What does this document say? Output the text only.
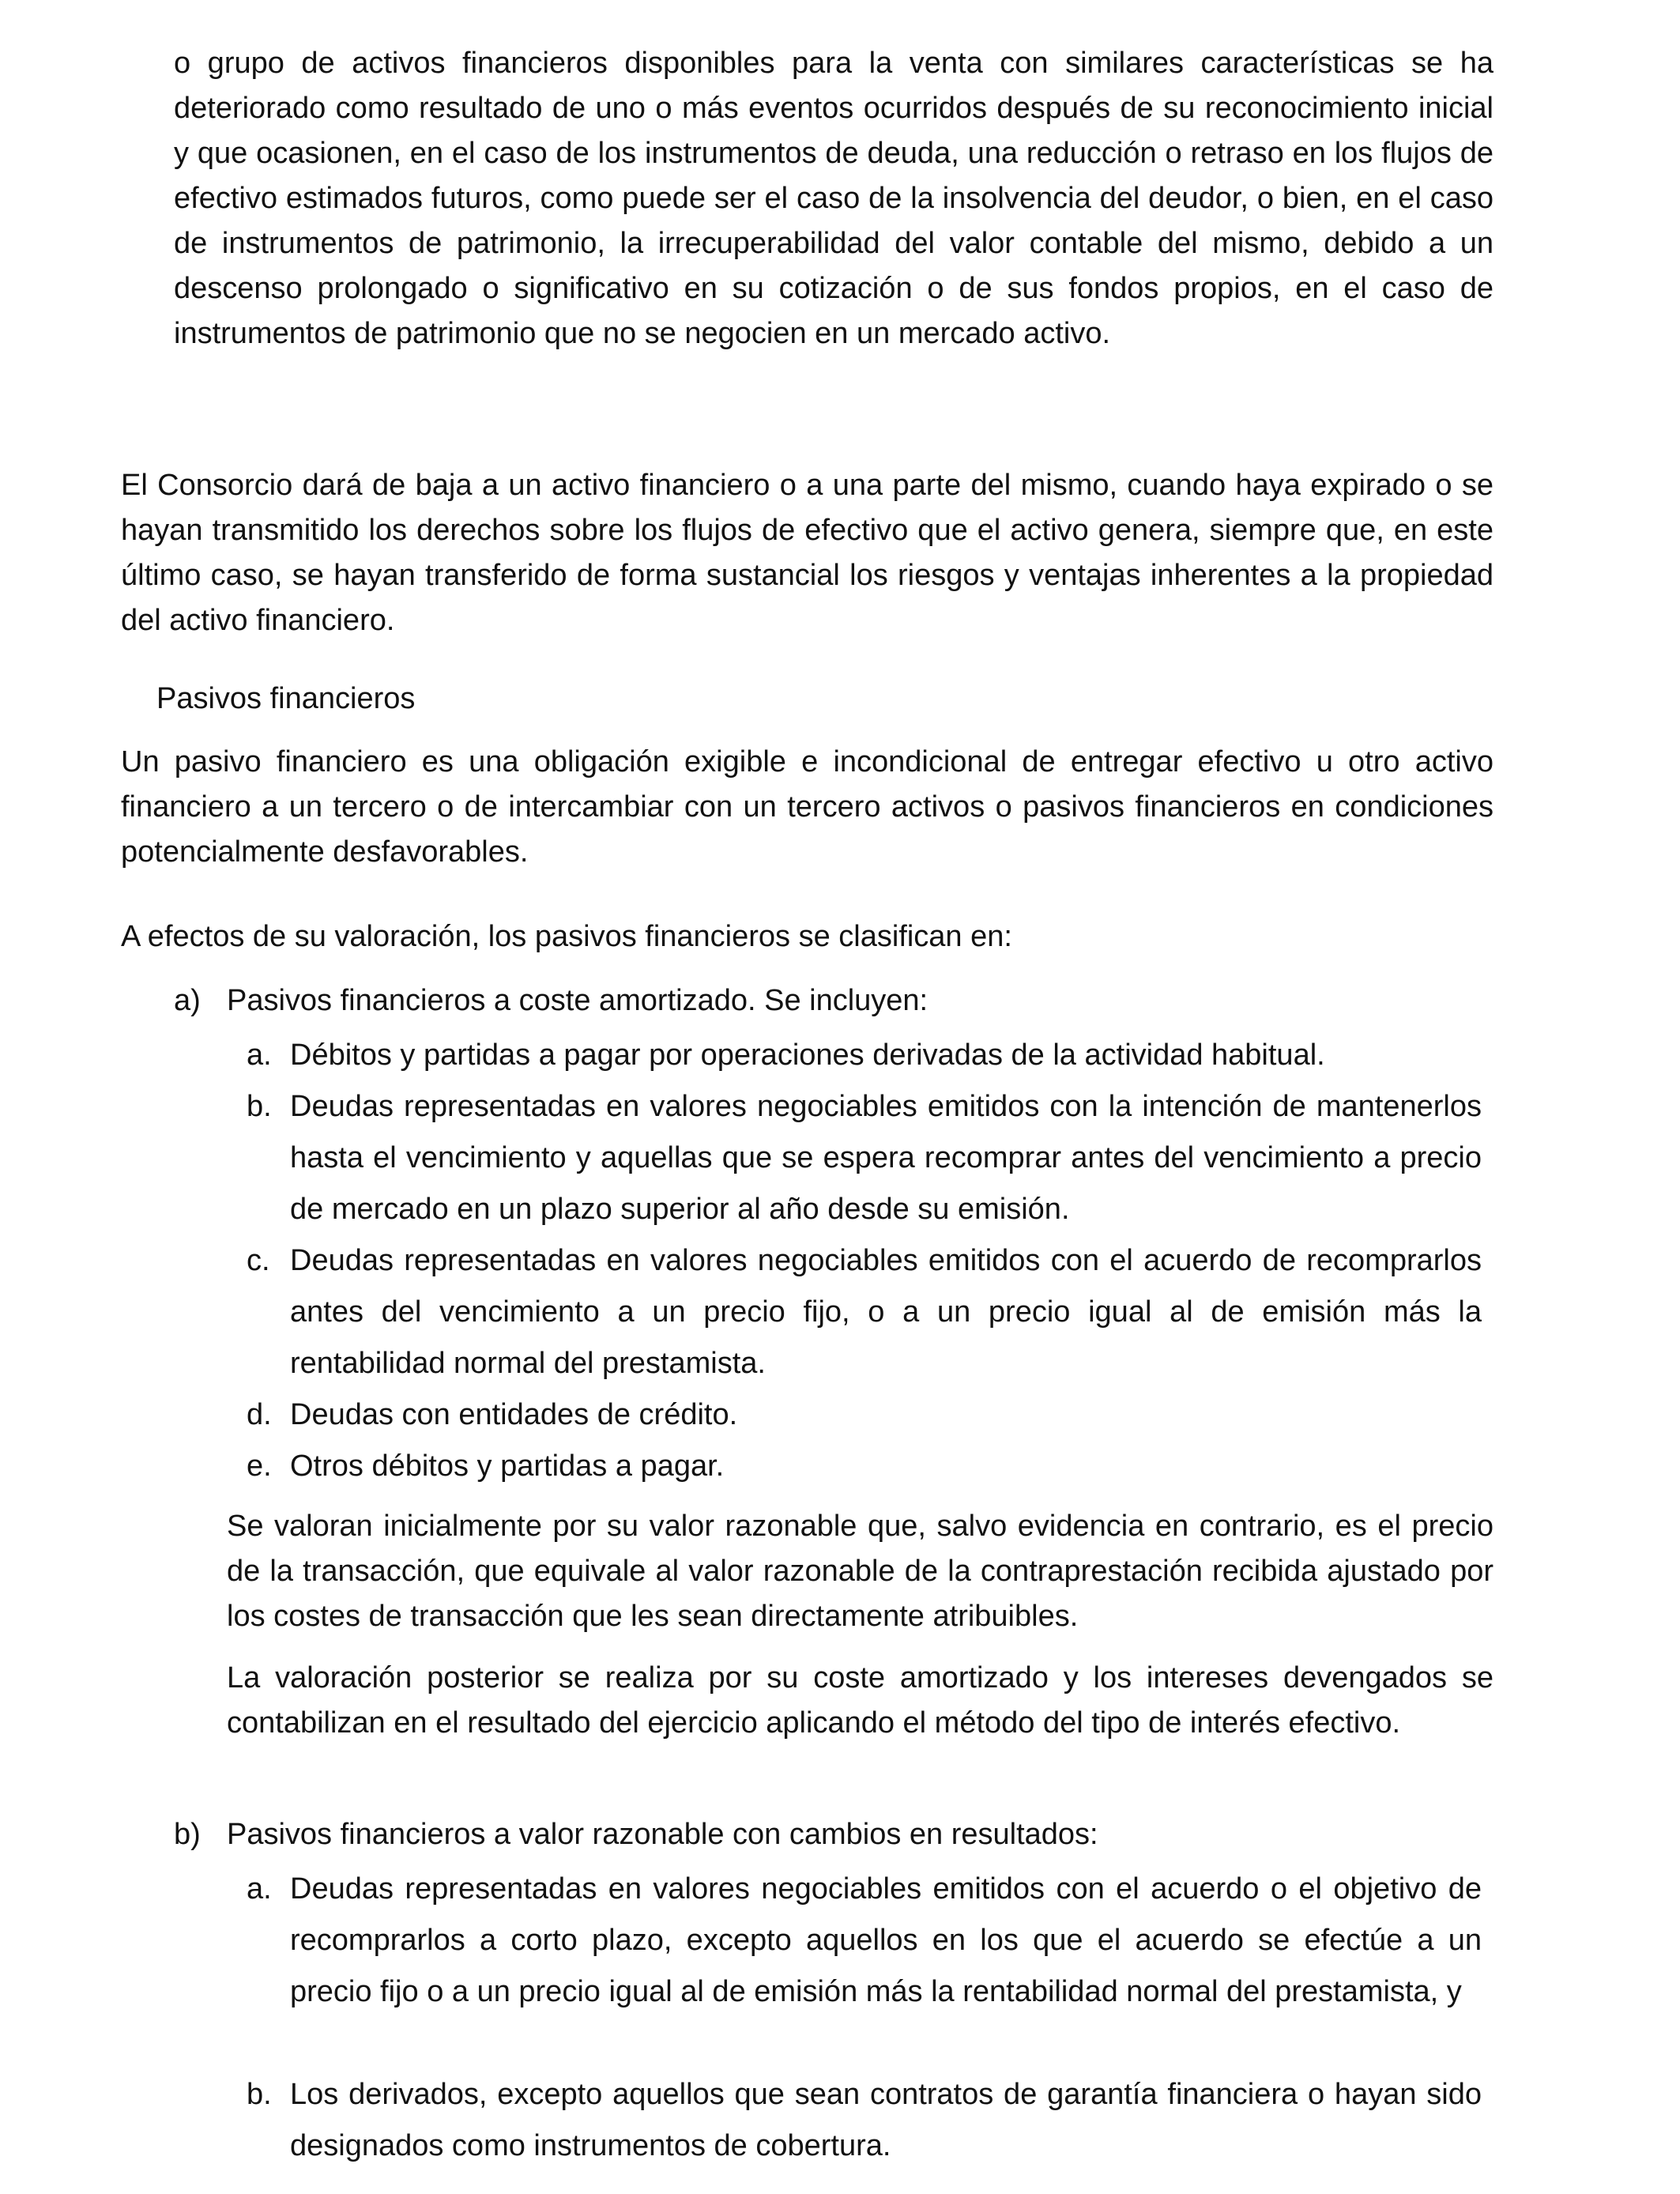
o grupo de activos financieros disponibles para la venta con similares características se ha deteriorado como resultado de uno o más eventos ocurridos después de su reconocimiento inicial y que ocasionen, en el caso de los instrumentos de deuda, una reducción o retraso en los flujos de efectivo estimados futuros, como puede ser el caso de la insolvencia del deudor, o bien, en el caso de instrumentos de patrimonio, la irrecuperabilidad del valor contable del mismo, debido a un descenso prolongado o significativo en su cotización o de sus fondos propios, en el caso de instrumentos de patrimonio que no se negocien en un mercado activo.

El Consorcio dará de baja a un activo financiero o a una parte del mismo, cuando haya expirado o se hayan transmitido los derechos sobre los flujos de efectivo que el activo genera, siempre que, en este último caso, se hayan transferido de forma sustancial los riesgos y ventajas inherentes a la propiedad del activo financiero.

Pasivos financieros

Un pasivo financiero es una obligación exigible e incondicional de entregar efectivo u otro activo financiero a un tercero o de intercambiar con un tercero activos o pasivos financieros en condiciones potencialmente desfavorables.

A efectos de su valoración, los pasivos financieros se clasifican en:

a) Pasivos financieros a coste amortizado. Se incluyen:
a. Débitos y partidas a pagar por operaciones derivadas de la actividad habitual.
b. Deudas representadas en valores negociables emitidos con la intención de mantenerlos hasta el vencimiento y aquellas que se espera recomprar antes del vencimiento a precio de mercado en un plazo superior al año desde su emisión.
c. Deudas representadas en valores negociables emitidos con el acuerdo de recomprarlos antes del vencimiento a un precio fijo, o a un precio igual al de emisión más la rentabilidad normal del prestamista.
d. Deudas con entidades de crédito.
e. Otros débitos y partidas a pagar.

Se valoran inicialmente por su valor razonable que, salvo evidencia en contrario, es el precio de la transacción, que equivale al valor razonable de la contraprestación recibida ajustado por los costes de transacción que les sean directamente atribuibles.

La valoración posterior se realiza por su coste amortizado y los intereses devengados se contabilizan en el resultado del ejercicio aplicando el método del tipo de interés efectivo.

b) Pasivos financieros a valor razonable con cambios en resultados:
a. Deudas representadas en valores negociables emitidos con el acuerdo o el objetivo de recomprarlos a corto plazo, excepto aquellos en los que el acuerdo se efectúe a un precio fijo o a un precio igual al de emisión más la rentabilidad normal del prestamista, y
b. Los derivados, excepto aquellos que sean contratos de garantía financiera o hayan sido designados como instrumentos de cobertura.
